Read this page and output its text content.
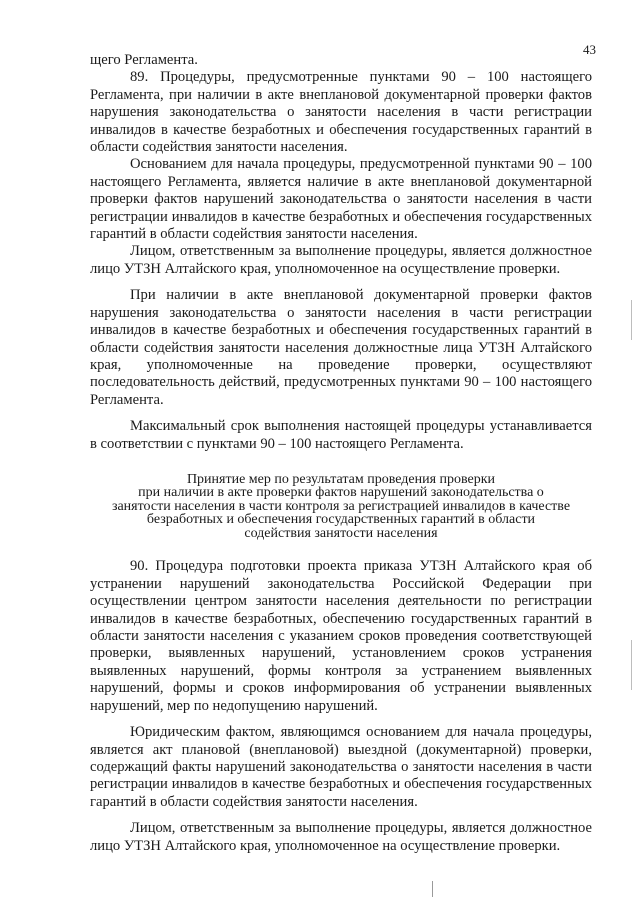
43

щего Регламента.

89. Процедуры, предусмотренные пунктами 90 – 100 настоящего Регламента, при наличии в акте внеплановой документарной проверки фактов нарушения законодательства о занятости населения в части регистрации инвалидов в качестве безработных и обеспечения государственных гарантий в области содействия занятости населения.

Основанием для начала процедуры, предусмотренной пунктами 90 – 100 настоящего Регламента, является наличие в акте внеплановой документарной проверки фактов нарушений законодательства о занятости населения в части регистрации инвалидов в качестве безработных и обеспечения государственных гарантий в области содействия занятости населения.

Лицом, ответственным за выполнение процедуры, является должностное лицо УТЗН Алтайского края, уполномоченное на осуществление проверки.

При наличии в акте внеплановой документарной проверки фактов нарушения законодательства о занятости населения в части регистрации инвалидов в качестве безработных и обеспечения государственных гарантий в области содействия занятости населения должностные лица УТЗН Алтайского края, уполномоченные на проведение проверки, осуществляют последовательность действий, предусмотренных пунктами 90 – 100 настоящего Регламента.

Максимальный срок выполнения настоящей процедуры устанавливается в соответствии с пунктами 90 – 100 настоящего Регламента.

Принятие мер по результатам проведения проверки
при наличии в акте проверки фактов нарушений законодательства о
занятости населения в части контроля за регистрацией инвалидов в качестве
безработных и обеспечения государственных гарантий в области
содействия занятости населения

90. Процедура подготовки проекта приказа УТЗН Алтайского края об устранении нарушений законодательства Российской Федерации при осуществлении центром занятости населения деятельности по регистрации инвалидов в качестве безработных, обеспечению государственных гарантий в области занятости населения с указанием сроков проведения соответствующей проверки, выявленных нарушений, установлением сроков устранения выявленных нарушений, формы контроля за устранением выявленных нарушений, формы и сроков информирования об устранении выявленных нарушений, мер по недопущению нарушений.

Юридическим фактом, являющимся основанием для начала процедуры, является акт плановой (внеплановой) выездной (документарной) проверки, содержащий факты нарушений законодательства о занятости населения в части регистрации инвалидов в качестве безработных и обеспечения государственных гарантий в области содействия занятости населения.

Лицом, ответственным за выполнение процедуры, является должностное лицо УТЗН Алтайского края, уполномоченное на осуществление проверки.
